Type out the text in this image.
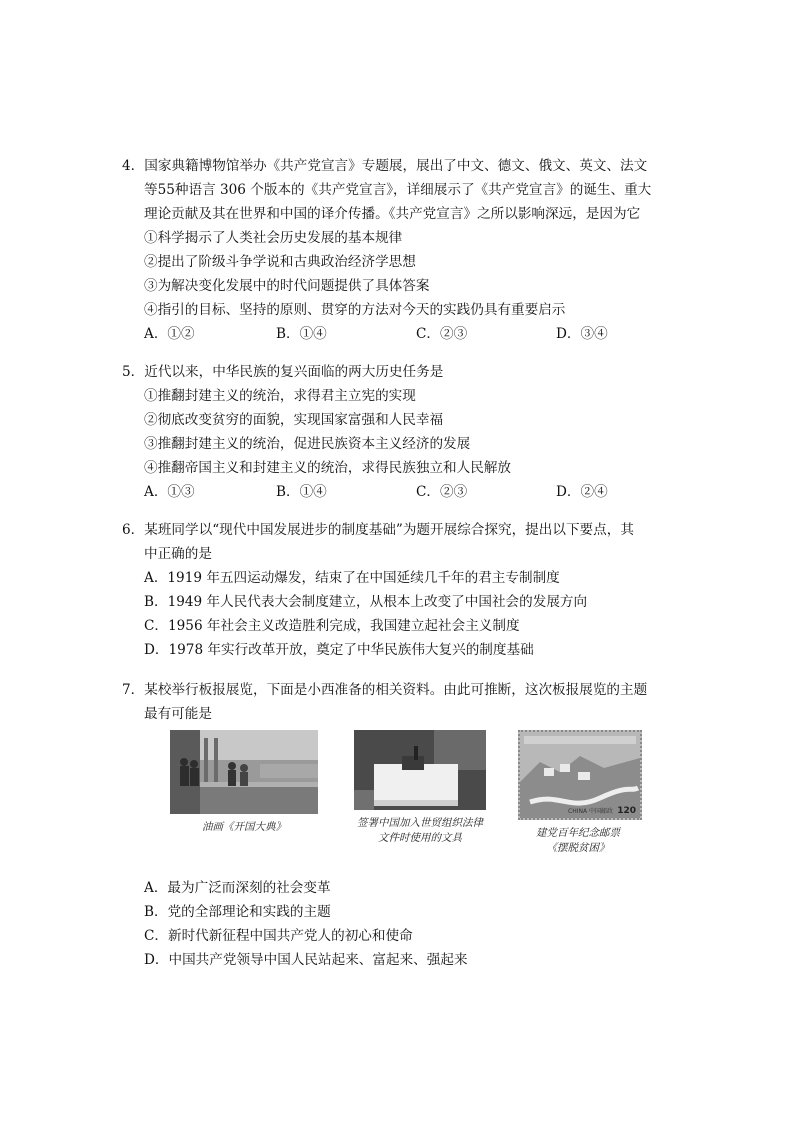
4．国家典籍博物馆举办《共产党宣言》专题展，展出了中文、德文、俄文、英文、法文
等55种语言 306 个版本的《共产党宣言》，详细展示了《共产党宣言》的诞生、重大
理论贡献及其在世界和中国的译介传播。《共产党宣言》之所以影响深远，是因为它
①科学揭示了人类社会历史发展的基本规律
②提出了阶级斗争学说和古典政治经济学思想
③为解决变化发展中的时代问题提供了具体答案
④指引的目标、坚持的原则、贯穿的方法对今天的实践仍具有重要启示
A．①②	B．①④	C．②③	D．③④
5．近代以来，中华民族的复兴面临的两大历史任务是
①推翻封建主义的统治，求得君主立宪的实现
②彻底改变贫穷的面貌，实现国家富强和人民幸福
③推翻封建主义的统治，促进民族资本主义经济的发展
④推翻帝国主义和封建主义的统治，求得民族独立和人民解放
A．①③	B．①④	C．②③	D．②④
6．某班同学以“现代中国发展进步的制度基础”为题开展综合探究，提出以下要点，其
中正确的是
A．1919 年五四运动爆发，结束了在中国延续几千年的君主专制制度
B．1949 年人民代表大会制度建立，从根本上改变了中国社会的发展方向
C．1956 年社会主义改造胜利完成，我国建立起社会主义制度
D．1978 年实行改革开放，奠定了中华民族伟大复兴的制度基础
7．某校举行板报展览，下面是小西准备的相关资料。由此可推断，这次板报展览的主题
最有可能是
油画《开国大典》	签署中国加入世贸组织法律
文件时使用的文具
CHINA 中国邮政 120
建党百年纪念邮票
《摆脱贫困》
A．最为广泛而深刻的社会变革
B．党的全部理论和实践的主题
C．新时代新征程中国共产党人的初心和使命
D．中国共产党领导中国人民站起来、富起来、强起来
